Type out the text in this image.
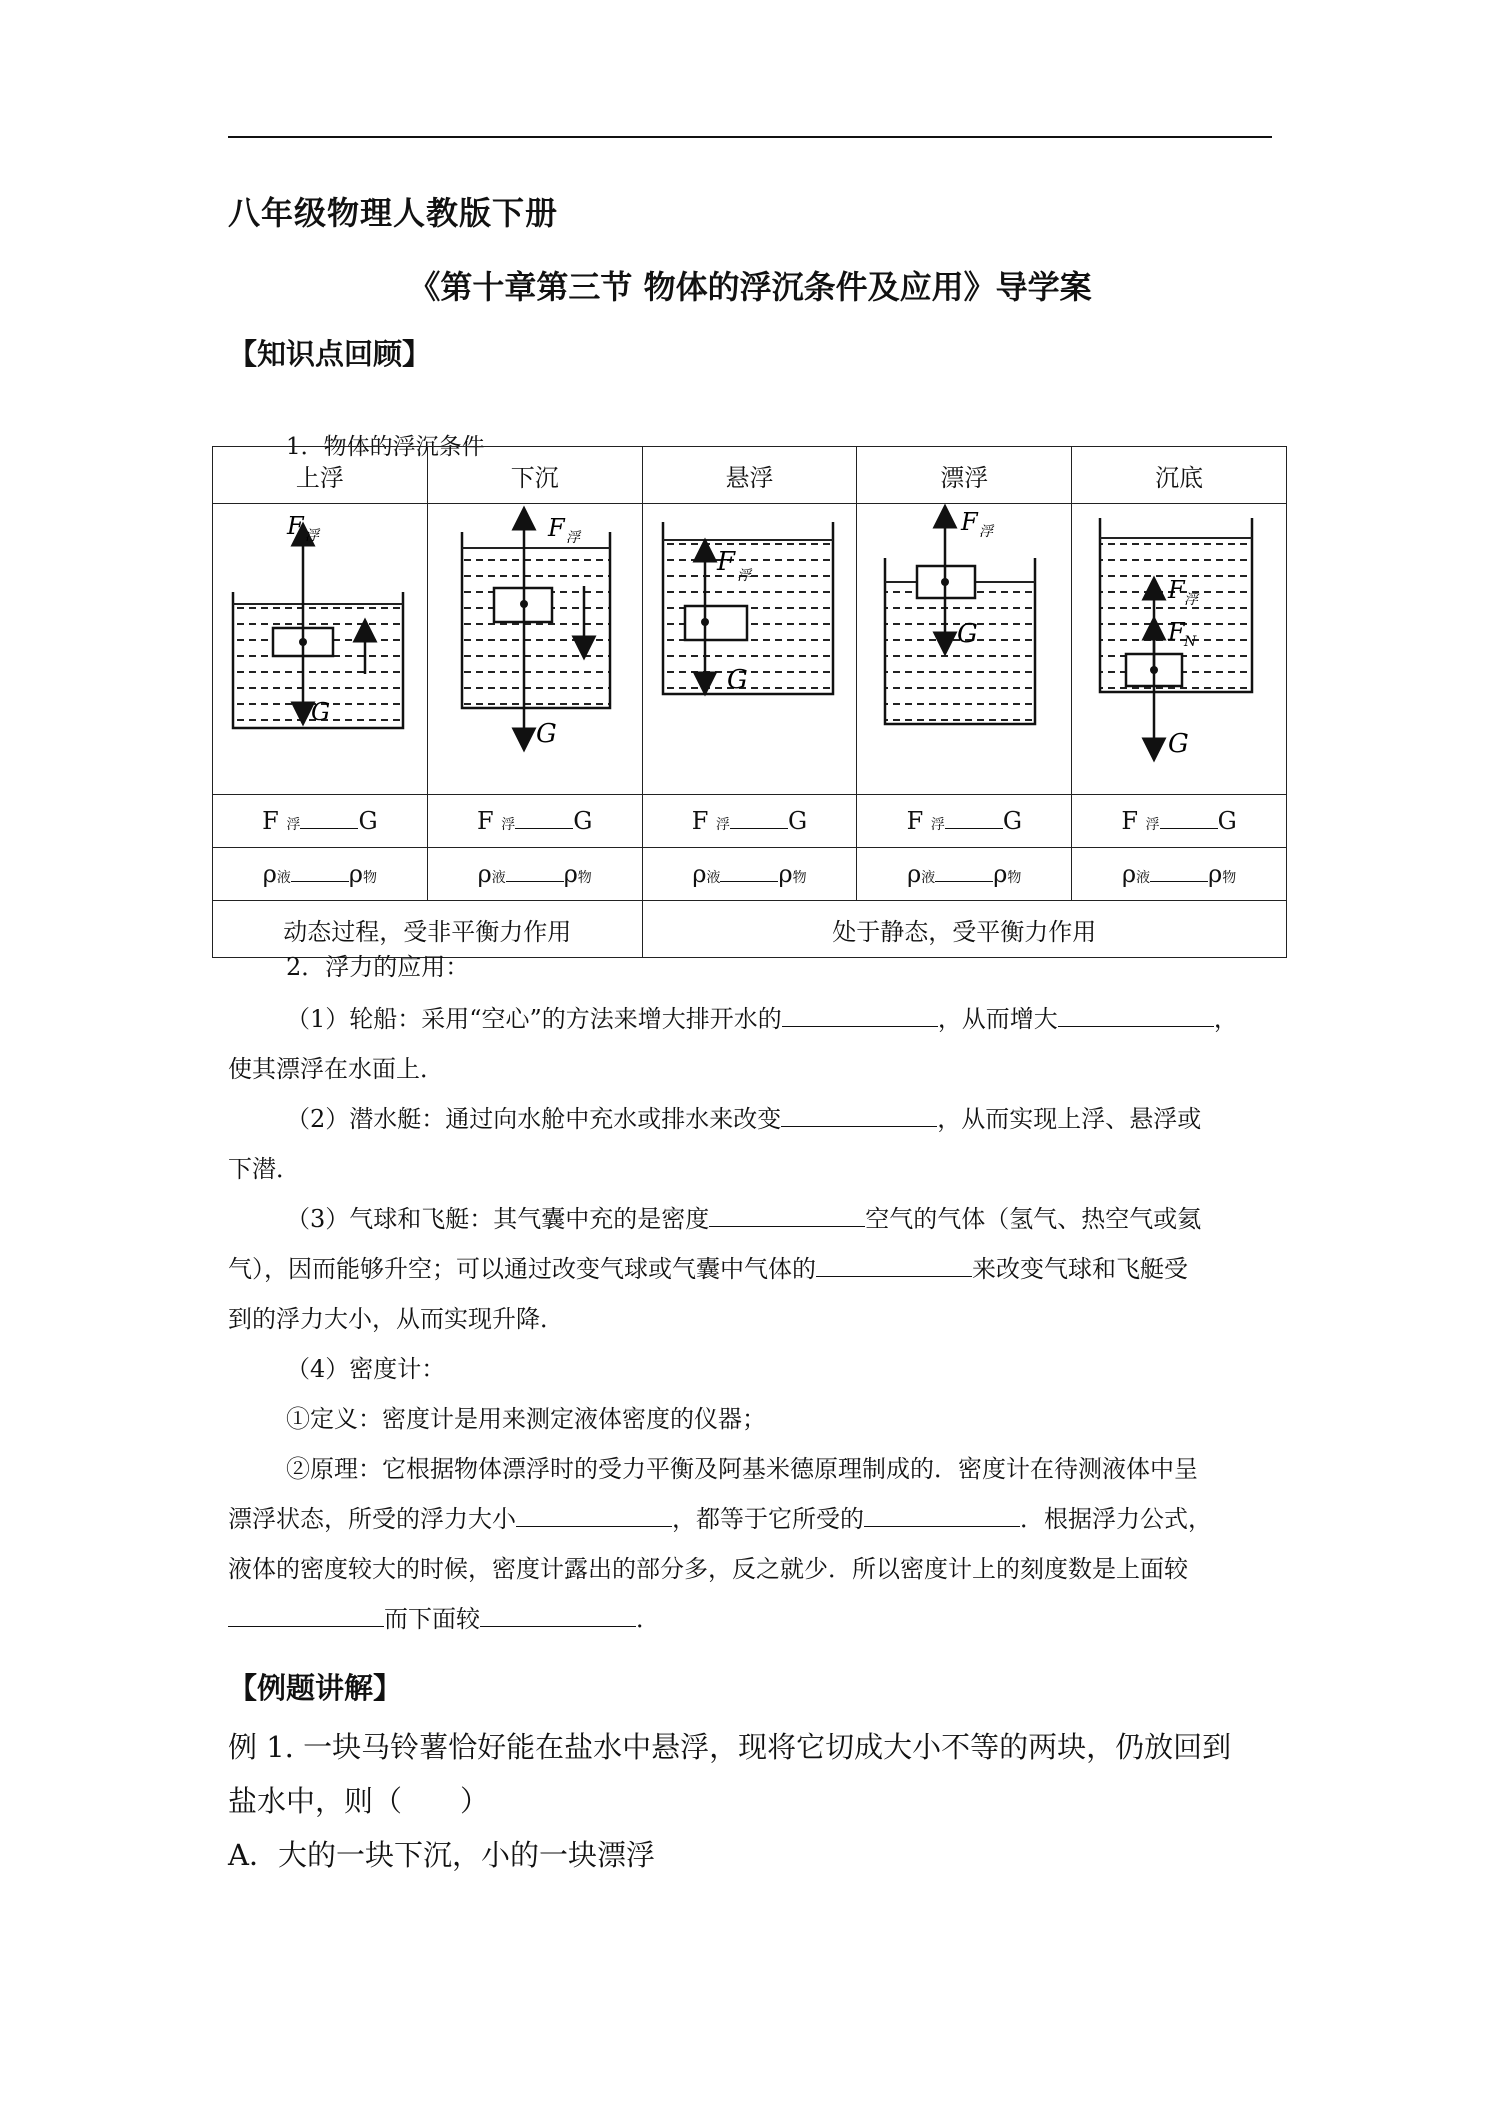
八年级物理人教版下册
《第十章第三节 物体的浮沉条件及应用》导学案
【知识点回顾】
1．物体的浮沉条件
上浮	下沉	悬浮	漂浮	沉底

F 浮
G	F 浮
G	F 浮
G	F 浮
G	F 浮
F N
G

F 浮 G	F 浮 G	F 浮 G	F 浮 G	F 浮 G
ρ液 ρ物	ρ液 ρ物	ρ液 ρ物	ρ液 ρ物	ρ液 ρ物
动态过程，受非平衡力作用		处于静态，受平衡力作用		
2．浮力的应用：
（1）轮船：采用“空心”的方法来增大排开水的	，从而增大	，
使其漂浮在水面上．
（2）潜水艇：通过向水舱中充水或排水来改变	，从而实现上浮、悬浮或
下潜．
（3）气球和飞艇：其气囊中充的是密度	空气的气体（氢气、热空气或氦
气），因而能够升空；可以通过改变气球或气囊中气体的	来改变气球和飞艇受
到的浮力大小，从而实现升降．
（4）密度计：
①定义：密度计是用来测定液体密度的仪器；
②原理：它根据物体漂浮时的受力平衡及阿基米德原理制成的．密度计在待测液体中呈
漂浮状态，所受的浮力大小	，都等于它所受的	．根据浮力公式，
液体的密度较大的时候，密度计露出的部分多，反之就少．所以密度计上的刻度数是上面较
而下面较	．
【例题讲解】
例 1. 一块马铃薯恰好能在盐水中悬浮，现将它切成大小不等的两块，仍放回到
盐水中，则（　　）
A．大的一块下沉，小的一块漂浮
